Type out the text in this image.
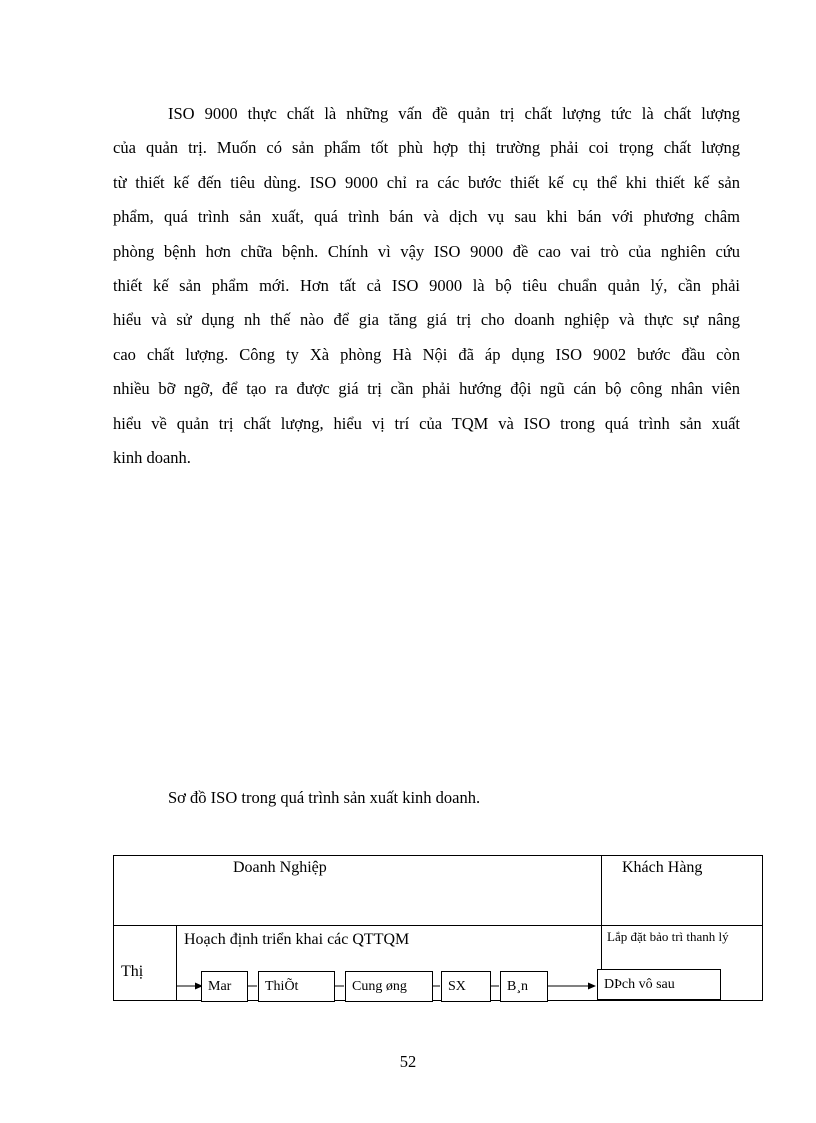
ISO 9000 thực chất là những vấn đề quản trị chất lượng tức là chất lượng
của quản trị. Muốn có sản phẩm tốt phù hợp thị trường phải coi trọng chất lượng
từ thiết kế đến tiêu dùng. ISO 9000 chỉ ra các bước thiết kế cụ thể khi thiết kế sản
phẩm, quá trình sản xuất, quá trình bán và dịch vụ sau khi bán với phương châm
phòng bệnh hơn chữa bệnh. Chính vì vậy ISO 9000 đề cao vai trò của nghiên cứu
thiết kế sản phẩm mới. Hơn tất cả ISO 9000 là bộ tiêu chuẩn quản lý, cần phải
hiểu và sử dụng nh thế nào để gia tăng giá trị cho doanh nghiệp và thực sự nâng
cao chất lượng. Công ty Xà phòng Hà Nội đã áp dụng ISO 9002 bước đầu còn
nhiều bỡ ngỡ, để tạo ra được giá trị cần phải hướng đội ngũ cán bộ công nhân viên
hiểu về quản trị chất lượng, hiểu vị trí của TQM và ISO trong quá trình sản xuất
kinh doanh.
Sơ đồ ISO trong quá trình sản xuất kinh doanh.
Doanh Nghiệp	Khách Hàng
Hoạch định triển khai các QTTQM	Lắp đặt bảo trì thanh lý
Thị
Mar	ThiÕt	Cung øng	SX	B¸n	DÞch vô sau
52
